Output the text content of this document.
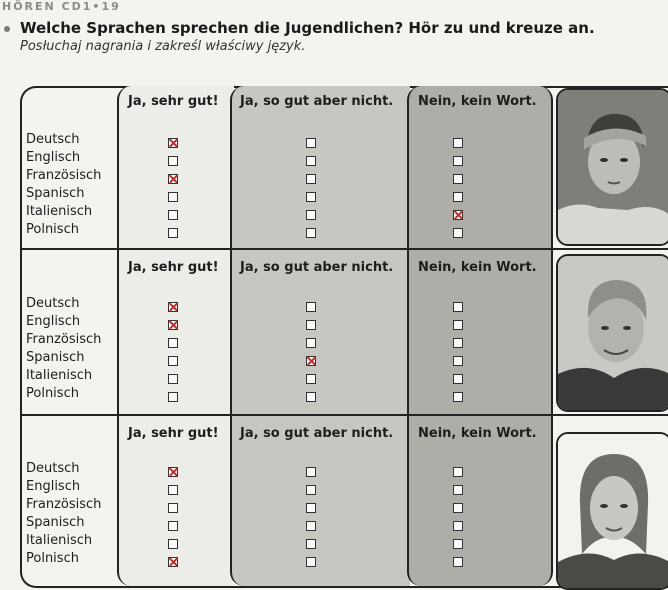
HÖREN CD1•19
Welche Sprachen sprechen die Jugendlichen? Hör zu und kreuze an.
Posłuchaj nagrania i zakreśl właściwy język.
Ja, sehr gut! Ja, so gut aber nicht. Nein, kein Wort.
Deutsch
Englisch
Französisch
Spanisch
Italienisch
Polnisch
Ja, sehr gut! Ja, so gut aber nicht. Nein, kein Wort.
Deutsch
Englisch
Französisch
Spanisch
Italienisch
Polnisch
Ja, sehr gut! Ja, so gut aber nicht. Nein, kein Wort.
Deutsch
Englisch
Französisch
Spanisch
Italienisch
Polnisch
